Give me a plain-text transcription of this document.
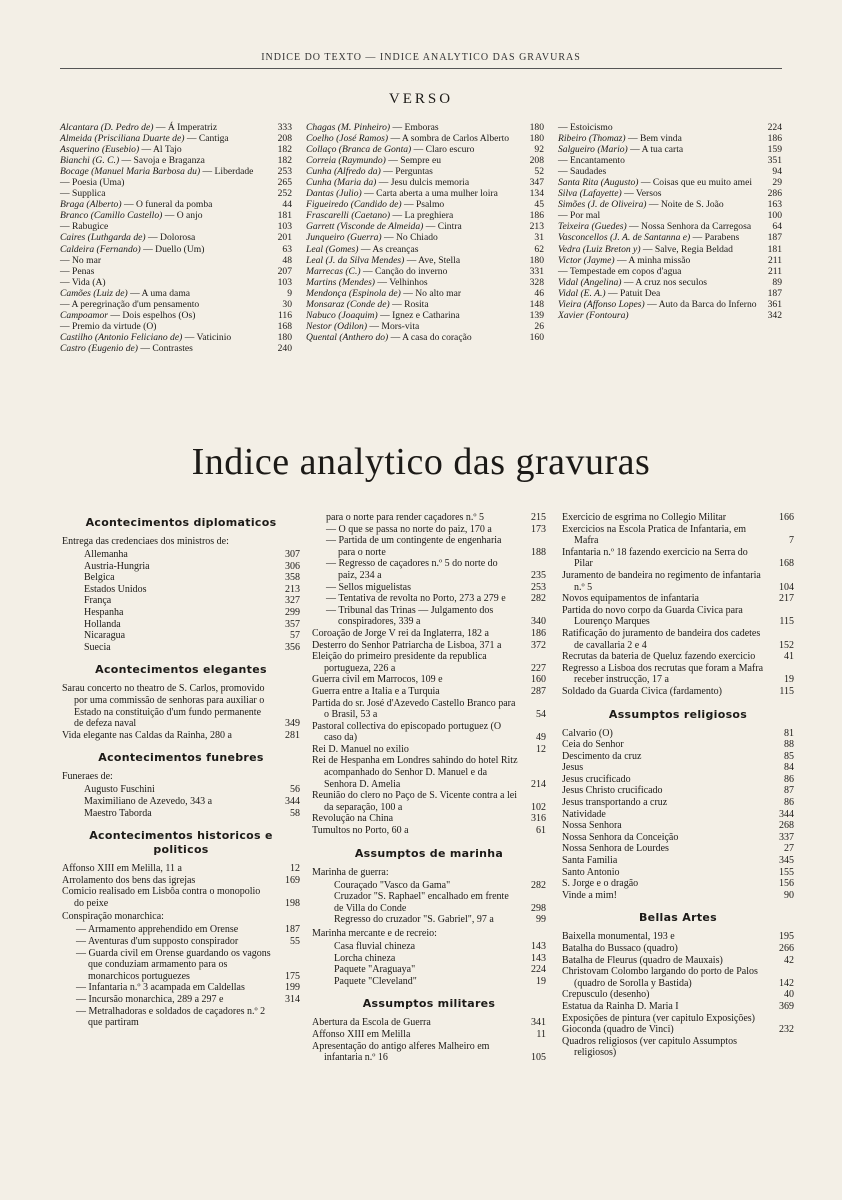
INDICE DO TEXTO — INDICE ANALYTICO DAS GRAVURAS
VERSO
Alcantara (D. Pedro de) — Á Imperatriz	333
Almeida (Prisciliana Duarte de) — Cantiga	208
Asquerino (Eusebio) — Al Tajo	182
Bianchi (G. C.) — Savoja e Braganza	182
Bocage (Manuel Maria Barbosa du) — Liberdade	253
— Poesia (Uma)	265
— Supplica	252
Braga (Alberto) — O funeral da pomba	44
Branco (Camillo Castello) — O anjo	181
— Rabugice	103
Caires (Luthgarda de) — Dolorosa	201
Caldeira (Fernando) — Duello (Um)	63
— No mar	48
— Penas	207
— Vida (A)	103
Camões (Luiz de) — A uma dama	9
— A peregrinação d'um pensamento	30
Campoamor — Dois espelhos (Os)	116
— Premio da virtude (O)	168
Castilho (Antonio Feliciano de) — Vaticinio	180
Castro (Eugenio de) — Contrastes	240
Chagas (M. Pinheiro) — Emboras	180
Coelho (José Ramos) — A sombra de Carlos Alberto	180
Collaço (Branca de Gonta) — Claro escuro	92
Correia (Raymundo) — Sempre eu	208
Cunha (Alfredo da) — Perguntas	52
Cunha (Maria da) — Jesu dulcis memoria	347
Dantas (Julio) — Carta aberta a uma mulher loira	134
Figueiredo (Candido de) — Psalmo	45
Frascarelli (Caetano) — La preghiera	186
Garrett (Visconde de Almeida) — Cintra	213
Junqueiro (Guerra) — No Chiado	31
Leal (Gomes) — As creanças	62
Leal (J. da Silva Mendes) — Ave, Stella	180
Marrecas (C.) — Canção do inverno	331
Martins (Mendes) — Velhinhos	328
Mendonça (Espinola de) — No alto mar	46
Monsaraz (Conde de) — Rosita	148
Nabuco (Joaquim) — Ignez e Catharina	139
Nestor (Odilon) — Mors-vita	26
Quental (Anthero do) — A casa do coração	160
— Estoicismo	224
Ribeiro (Thomaz) — Bem vinda	186
Salgueiro (Mario) — A tua carta	159
— Encantamento	351
— Saudades	94
Santa Rita (Augusto) — Coisas que eu muito amei	29
Silva (Lafayette) — Versos	286
Simões (J. de Oliveira) — Noite de S. João	163
— Por mal	100
Teixeira (Guedes) — Nossa Senhora da Carregosa	64
Vasconcellos (J. A. de Santanna e) — Parabens	187
Vedra (Luiz Breton y) — Salve, Regia Beldad	181
Victor (Jayme) — A minha missão	211
— Tempestade em copos d'agua	211
Vidal (Angelina) — A cruz nos seculos	89
Vidal (E. A.) — Patuit Dea	187
Vieira (Affonso Lopes) — Auto da Barca do Inferno	361
Xavier (Fontoura)	342
Indice analytico das gravuras
Acontecimentos diplomaticos
Entrega das credenciaes dos ministros de:
Allemanha	307
Austria-Hungria	306
Belgica	358
Estados Unidos	213
França	327
Hespanha	299
Hollanda	357
Nicaragua	57
Suecia	356
Acontecimentos elegantes
Sarau concerto no theatro de S. Carlos, promovido por uma commissão de senhoras para auxiliar o Estado na constituição d'um fundo permanente de defeza naval	349
Vida elegante nas Caldas da Rainha, 280 a	281
Acontecimentos funebres
Funeraes de:
Augusto Fuschini	56
Maximiliano de Azevedo, 343 a	344
Maestro Taborda	58
Acontecimentos historicos e politicos
Affonso XIII em Melilla, 11 a	12
Arrolamento dos bens das igrejas	169
Comicio realisado em Lisbôa contra o monopolio do peixe	198
Conspiração monarchica:
— Armamento apprehendido em Orense	187
— Aventuras d'um supposto conspirador	55
— Guarda civil em Orense guardando os vagons que conduziam armamento para os monarchicos portuguezes	175
— Infantaria n.º 3 acampada em Caldellas	199
— Incursão monarchica, 289 a 297 e	314
— Metralhadoras e soldados de caçadores n.º 2 que partiram
para o norte para render caçadores n.º 5	215
— O que se passa no norte do paiz, 170 a	173
— Partida de um contingente de engenharia para o norte	188
— Regresso de caçadores n.º 5 do norte do paiz, 234 a	235
— Sellos miguelistas	253
— Tentativa de revolta no Porto, 273 a 279 e	282
— Tribunal das Trinas — Julgamento dos conspiradores, 339 a	340
Coroação de Jorge V rei da Inglaterra, 182 a	186
Desterro do Senhor Patriarcha de Lisboa, 371 a	372
Eleição do primeiro presidente da republica portugueza, 226 a	227
Guerra civil em Marrocos, 109 e	160
Guerra entre a Italia e a Turquia	287
Partida do sr. José d'Azevedo Castello Branco para o Brasil, 53 a	54
Pastoral collectiva do episcopado portuguez (O caso da)	49
Rei D. Manuel no exilio	12
Rei de Hespanha em Londres sahindo do hotel Ritz acompanhado do Senhor D. Manuel e da Senhora D. Amelia	214
Reunião do clero no Paço de S. Vicente contra a lei da separação, 100 a	102
Revolução na China	316
Tumultos no Porto, 60 a	61
Assumptos de marinha
Marinha de guerra:
Couraçado "Vasco da Gama"	282
Cruzador "S. Raphael" encalhado em frente de Villa do Conde	298
Regresso do cruzador "S. Gabriel", 97 a	99
Marinha mercante e de recreio:
Casa fluvial chineza	143
Lorcha chineza	143
Paquete "Araguaya"	224
Paquete "Cleveland"	19
Assumptos militares
Abertura da Escola de Guerra	341
Affonso XIII em Melilla	11
Apresentação do antigo alferes Malheiro em infantaria n.º 16	105
Exercicio de esgrima no Collegio Militar	166
Exercicios na Escola Pratica de Infantaria, em Mafra	7
Infantaria n.º 18 fazendo exercicio na Serra do Pilar	168
Juramento de bandeira no regimento de infantaria n.º 5	104
Novos equipamentos de infantaria	217
Partida do novo corpo da Guarda Civica para Lourenço Marques	115
Ratificação do juramento de bandeira dos cadetes de cavallaria 2 e 4	152
Recrutas da bateria de Queluz fazendo exercicio	41
Regresso a Lisboa dos recrutas que foram a Mafra receber instrucção, 17 a	19
Soldado da Guarda Civica (fardamento)	115
Assumptos religiosos
Calvario (O)	81
Ceia do Senhor	88
Descimento da cruz	85
Jesus	84
Jesus crucificado	86
Jesus Christo crucificado	87
Jesus transportando a cruz	86
Natividade	344
Nossa Senhora	268
Nossa Senhora da Conceição	337
Nossa Senhora de Lourdes	27
Santa Familia	345
Santo Antonio	155
S. Jorge e o dragão	156
Vinde a mim!	90
Bellas Artes
Baixella monumental, 193 e	195
Batalha do Bussaco (quadro)	266
Batalha de Fleurus (quadro de Mauxais)	42
Christovam Colombo largando do porto de Palos (quadro de Sorolla y Bastida)	142
Crepusculo (desenho)	40
Estatua da Rainha D. Maria I	369
Exposições de pintura (ver capitulo Exposições)
Gioconda (quadro de Vinci)	232
Quadros religiosos (ver capitulo Assumptos religiosos)
